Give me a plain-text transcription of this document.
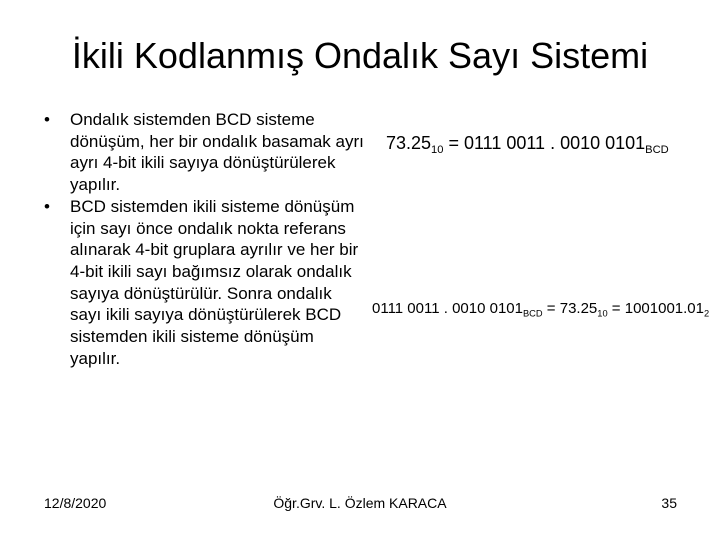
İkili Kodlanmış Ondalık Sayı Sistemi
•	Ondalık sistemden BCD sisteme dönüşüm, her bir ondalık basamak ayrı ayrı 4-bit ikili sayıya dönüştürülerek yapılır.
•	BCD sistemden ikili sisteme dönüşüm için sayı önce ondalık nokta referans alınarak 4-bit gruplara ayrılır ve her bir 4-bit ikili sayı bağımsız olarak ondalık sayıya dönüştürülür. Sonra ondalık sayı ikili sayıya dönüştürülerek BCD sistemden ikili sisteme dönüşüm yapılır.
$73.25_{10} = 0111$ 0011 . 0010 $0101_{BCD}$
0111 0011 . 0010 $0101_{BCD} = 73.25_{10} = 1001001.01_2$
Öğr.Grv. L. Özlem KARACA
12/8/2020	35
